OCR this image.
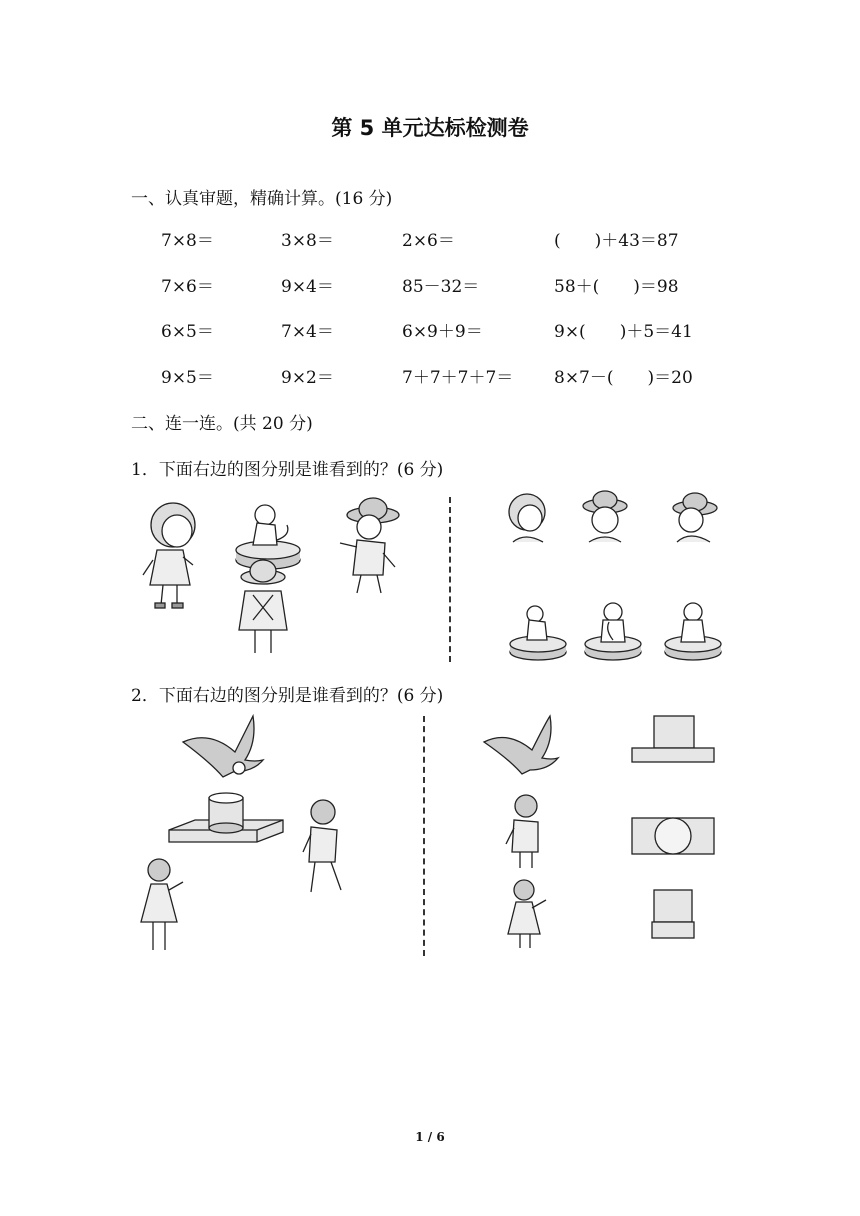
第 5 单元达标检测卷
一、认真审题，精确计算。(16 分)

7×8＝

	3×8＝

	2×6＝

	(　　)＋43＝87

7×6＝

	9×4＝

	85－32＝

	58＋(　　)＝98

6×5＝

	7×4＝

	6×9＋9＝

	9×(　　)＋5＝41

9×5＝

	9×2＝

	7＋7＋7＋7＝

8×7－(　　)＝20

二、连一连。(共 20 分)
1．下面右边的图分别是谁看到的？(6 分)
2．下面右边的图分别是谁看到的？(6 分)
1 / 6
